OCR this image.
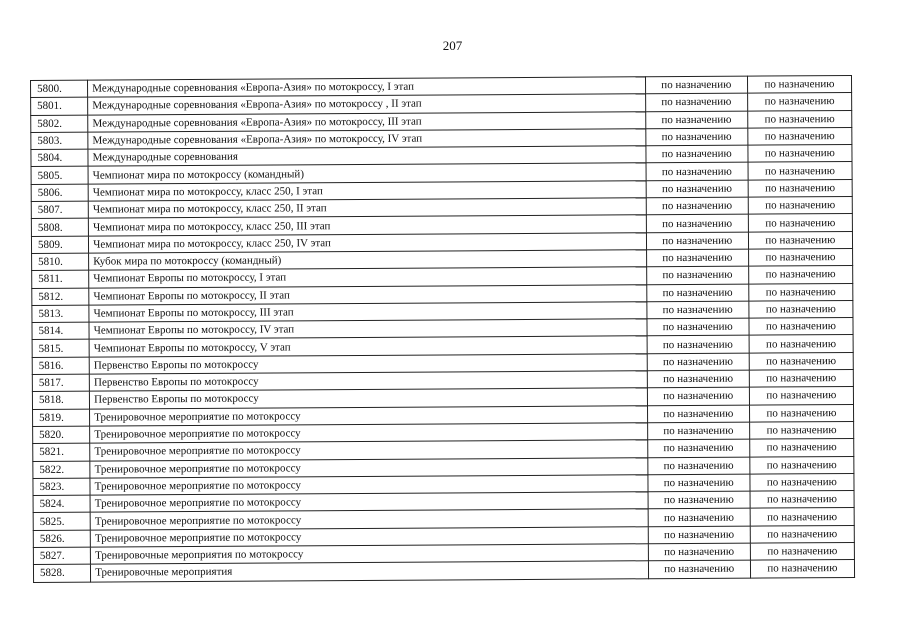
207
5800.	Международные соревнования «Европа-Азия» по мотокроссу, I этап	по назначению	по назначению
5801.	Международные соревнования «Европа-Азия» по мотокроссу , II этап	по назначению	по назначению
5802.	Международные соревнования «Европа-Азия» по мотокроссу, III этап	по назначению	по назначению
5803.	Международные соревнования «Европа-Азия» по мотокроссу, IV этап	по назначению	по назначению
5804.	Международные соревнования	по назначению	по назначению
5805.	Чемпионат мира по мотокроссу (командный)	по назначению	по назначению
5806.	Чемпионат мира по мотокроссу, класс 250, I этап	по назначению	по назначению
5807.	Чемпионат мира по мотокроссу, класс 250, II этап	по назначению	по назначению
5808.	Чемпионат мира по мотокроссу, класс 250, III этап	по назначению	по назначению
5809.	Чемпионат мира по мотокроссу, класс 250, IV этап	по назначению	по назначению
5810.	Кубок мира по мотокроссу (командный)	по назначению	по назначению
5811.	Чемпионат Европы по мотокроссу, I этап	по назначению	по назначению
5812.	Чемпионат Европы по мотокроссу, II этап	по назначению	по назначению
5813.	Чемпионат Европы по мотокроссу, III этап	по назначению	по назначению
5814.	Чемпионат Европы по мотокроссу, IV этап	по назначению	по назначению
5815.	Чемпионат Европы по мотокроссу, V этап	по назначению	по назначению
5816.	Первенство Европы по мотокроссу	по назначению	по назначению
5817.	Первенство Европы по мотокроссу	по назначению	по назначению
5818.	Первенство Европы по мотокроссу	по назначению	по назначению
5819.	Тренировочное мероприятие по мотокроссу	по назначению	по назначению
5820.	Тренировочное мероприятие по мотокроссу	по назначению	по назначению
5821.	Тренировочное мероприятие по мотокроссу	по назначению	по назначению
5822.	Тренировочное мероприятие по мотокроссу	по назначению	по назначению
5823.	Тренировочное мероприятие по мотокроссу	по назначению	по назначению
5824.	Тренировочное мероприятие по мотокроссу	по назначению	по назначению
5825.	Тренировочное мероприятие по мотокроссу	по назначению	по назначению
5826.	Тренировочное мероприятие по мотокроссу	по назначению	по назначению
5827.	Тренировочные мероприятия по мотокроссу	по назначению	по назначению
5828.	Тренировочные мероприятия	по назначению	по назначению
